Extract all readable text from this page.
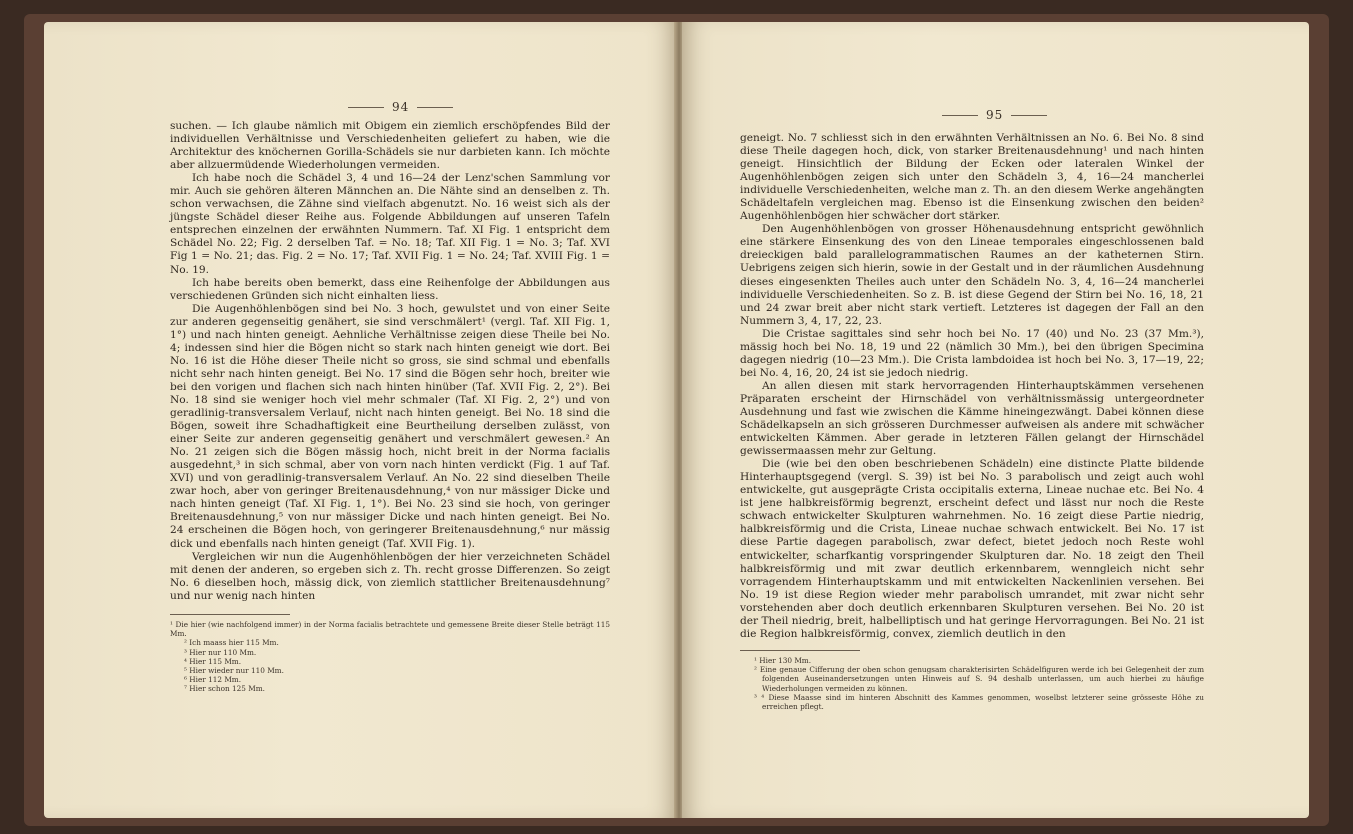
94

suchen. — Ich glaube nämlich mit Obigem ein ziemlich erschöpfendes Bild der individuellen Verhältnisse und Verschiedenheiten geliefert zu haben, wie die Architektur des knöchernen Gorilla-Schädels sie nur darbieten kann. Ich möchte aber allzuermüdende Wiederholungen vermeiden.

Ich habe noch die Schädel 3, 4 und 16—24 der Lenz'schen Sammlung vor mir. Auch sie gehören älteren Männchen an. Die Nähte sind an denselben z. Th. schon verwachsen, die Zähne sind vielfach abgenutzt. No. 16 weist sich als der jüngste Schädel dieser Reihe aus. Folgende Abbildungen auf unseren Tafeln entsprechen einzelnen der erwähnten Nummern. Taf. XI Fig. 1 entspricht dem Schädel No. 22; Fig. 2 derselben Taf. = No. 18; Taf. XII Fig. 1 = No. 3; Taf. XVI Fig 1 = No. 21; das. Fig. 2 = No. 17; Taf. XVII Fig. 1 = No. 24; Taf. XVIII Fig. 1 = No. 19.

Ich habe bereits oben bemerkt, dass eine Reihenfolge der Abbildungen aus verschiedenen Gründen sich nicht einhalten liess.

Die Augenhöhlenbögen sind bei No. 3 hoch, gewulstet und von einer Seite zur anderen gegenseitig genähert, sie sind verschmälert¹ (vergl. Taf. XII Fig. 1, 1°) und nach hinten geneigt. Aehnliche Verhältnisse zeigen diese Theile bei No. 4; indessen sind hier die Bögen nicht so stark nach hinten geneigt wie dort. Bei No. 16 ist die Höhe dieser Theile nicht so gross, sie sind schmal und ebenfalls nicht sehr nach hinten geneigt. Bei No. 17 sind die Bögen sehr hoch, breiter wie bei den vorigen und flachen sich nach hinten hinüber (Taf. XVII Fig. 2, 2°). Bei No. 18 sind sie weniger hoch viel mehr schmaler (Taf. XI Fig. 2, 2°) und von geradlinig-transversalem Verlauf, nicht nach hinten geneigt. Bei No. 18 sind die Bögen, soweit ihre Schadhaftigkeit eine Beurtheilung derselben zulässt, von einer Seite zur anderen gegenseitig genähert und verschmälert gewesen.² An No. 21 zeigen sich die Bögen mässig hoch, nicht breit in der Norma facialis ausgedehnt,³ in sich schmal, aber von vorn nach hinten verdickt (Fig. 1 auf Taf. XVI) und von geradlinig-transversalem Verlauf. An No. 22 sind dieselben Theile zwar hoch, aber von geringer Breitenausdehnung,⁴ von nur mässiger Dicke und nach hinten geneigt (Taf. XI Fig. 1, 1°). Bei No. 23 sind sie hoch, von geringer Breitenausdehnung,⁵ von nur mässiger Dicke und nach hinten geneigt. Bei No. 24 erscheinen die Bögen hoch, von geringerer Breitenausdehnung,⁶ nur mässig dick und ebenfalls nach hinten geneigt (Taf. XVII Fig. 1).

Vergleichen wir nun die Augenhöhlenbögen der hier verzeichneten Schädel mit denen der anderen, so ergeben sich z. Th. recht grosse Differenzen. So zeigt No. 6 dieselben hoch, mässig dick, von ziemlich stattlicher Breitenausdehnung⁷ und nur wenig nach hinten

¹ Die hier (wie nachfolgend immer) in der Norma facialis betrachtete und gemessene Breite dieser Stelle beträgt 115 Mm.
² Ich maass hier 115 Mm.
³ Hier nur 110 Mm.
⁴ Hier 115 Mm.
⁵ Hier wieder nur 110 Mm.
⁶ Hier 112 Mm.
⁷ Hier schon 125 Mm.
95

geneigt. No. 7 schliesst sich in den erwähnten Verhältnissen an No. 6. Bei No. 8 sind diese Theile dagegen hoch, dick, von starker Breitenausdehnung¹ und nach hinten geneigt. Hinsichtlich der Bildung der Ecken oder lateralen Winkel der Augenhöhlenbögen zeigen sich unter den Schädeln 3, 4, 16—24 mancherlei individuelle Verschiedenheiten, welche man z. Th. an den diesem Werke angehängten Schädeltafeln vergleichen mag. Ebenso ist die Einsenkung zwischen den beiden² Augenhöhlenbögen hier schwächer dort stärker.

Den Augenhöhlenbögen von grosser Höhenausdehnung entspricht gewöhnlich eine stärkere Einsenkung des von den Lineae temporales eingeschlossenen bald dreieckigen bald parallelogrammatischen Raumes an der katheternen Stirn. Uebrigens zeigen sich hierin, sowie in der Gestalt und in der räumlichen Ausdehnung dieses eingesenkten Theiles auch unter den Schädeln No. 3, 4, 16—24 mancherlei individuelle Verschiedenheiten. So z. B. ist diese Gegend der Stirn bei No. 16, 18, 21 und 24 zwar breit aber nicht stark vertieft. Letzteres ist dagegen der Fall an den Nummern 3, 4, 17, 22, 23.

Die Cristae sagittales sind sehr hoch bei No. 17 (40) und No. 23 (37 Mm.³), mässig hoch bei No. 18, 19 und 22 (nämlich 30 Mm.), bei den übrigen Specimina dagegen niedrig (10—23 Mm.). Die Crista lambdoidea ist hoch bei No. 3, 17—19, 22; bei No. 4, 16, 20, 24 ist sie jedoch niedrig.

An allen diesen mit stark hervorragenden Hinterhauptskämmen versehenen Präparaten erscheint der Hirnschädel von verhältnissmässig untergeordneter Ausdehnung und fast wie zwischen die Kämme hineingezwängt. Dabei können diese Schädelkapseln an sich grösseren Durchmesser aufweisen als andere mit schwächer entwickelten Kämmen. Aber gerade in letzteren Fällen gelangt der Hirnschädel gewissermaassen mehr zur Geltung.

Die (wie bei den oben beschriebenen Schädeln) eine distincte Platte bildende Hinterhauptsgegend (vergl. S. 39) ist bei No. 3 parabolisch und zeigt auch wohl entwickelte, gut ausgeprägte Crista occipitalis externa, Lineae nuchae etc. Bei No. 4 ist jene halbkreisförmig begrenzt, erscheint defect und lässt nur noch die Reste schwach entwickelter Skulpturen wahrnehmen. No. 16 zeigt diese Partie niedrig, halbkreisförmig und die Crista, Lineae nuchae schwach entwickelt. Bei No. 17 ist diese Partie dagegen parabolisch, zwar defect, bietet jedoch noch Reste wohl entwickelter, scharfkantig vorspringender Skulpturen dar. No. 18 zeigt den Theil halbkreisförmig und mit zwar deutlich erkennbarem, wenngleich nicht sehr vorragendem Hinterhauptskamm und mit entwickelten Nackenlinien versehen. Bei No. 19 ist diese Region wieder mehr parabolisch umrandet, mit zwar nicht sehr vorstehenden aber doch deutlich erkennbaren Skulpturen versehen. Bei No. 20 ist der Theil niedrig, breit, halbelliptisch und hat geringe Hervorragungen. Bei No. 21 ist die Region halbkreisförmig, convex, ziemlich deutlich in den

¹ Hier 130 Mm.
² Eine genaue Cifferung der oben schon genugsam charakterisirten Schädelfiguren werde ich bei Gelegenheit der zum folgenden Auseinandersetzungen unten Hinweis auf S. 94 deshalb unterlassen, um auch hierbei zu häufige Wiederholungen vermeiden zu können.
³ ⁴ Diese Maasse sind im hinteren Abschnitt des Kammes genommen, woselbst letzterer seine grösseste Höhe zu erreichen pflegt.
